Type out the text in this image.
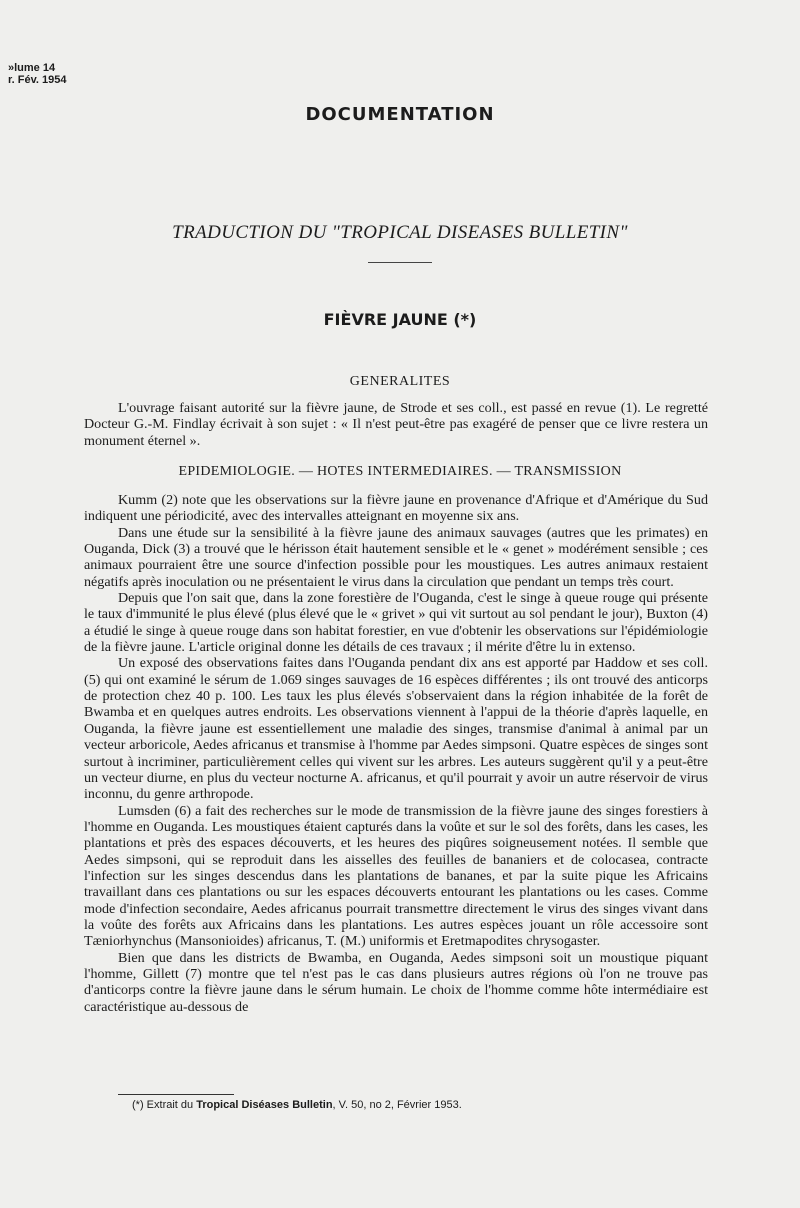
»lume 14
r. Fév. 1954
DOCUMENTATION
TRADUCTION DU "TROPICAL DISEASES BULLETIN"
FIÈVRE JAUNE (*)
GENERALITES
L'ouvrage faisant autorité sur la fièvre jaune, de Strode et ses coll., est passé en revue (1). Le regretté Docteur G.-M. Findlay écrivait à son sujet : « Il n'est peut-être pas exagéré de penser que ce livre restera un monument éternel ».
EPIDEMIOLOGIE. — HOTES INTERMEDIAIRES. — TRANSMISSION

Kumm (2) note que les observations sur la fièvre jaune en provenance d'Afrique et d'Amérique du Sud indiquent une périodicité, avec des intervalles atteignant en moyenne six ans.

Dans une étude sur la sensibilité à la fièvre jaune des animaux sauvages (autres que les primates) en Ouganda, Dick (3) a trouvé que le hérisson était hautement sensible et le « genet » modérément sensible ; ces animaux pourraient être une source d'infection possible pour les moustiques. Les autres animaux restaient négatifs après inoculation ou ne présentaient le virus dans la circulation que pendant un temps très court.

Depuis que l'on sait que, dans la zone forestière de l'Ouganda, c'est le singe à queue rouge qui présente le taux d'immunité le plus élevé (plus élevé que le « grivet » qui vit surtout au sol pendant le jour), Buxton (4) a étudié le singe à queue rouge dans son habitat forestier, en vue d'obtenir les observations sur l'épidémiologie de la fièvre jaune. L'article original donne les détails de ces travaux ; il mérite d'être lu in extenso.

Un exposé des observations faites dans l'Ouganda pendant dix ans est apporté par Haddow et ses coll. (5) qui ont examiné le sérum de 1.069 singes sauvages de 16 espèces différentes ; ils ont trouvé des anticorps de protection chez 40 p. 100. Les taux les plus élevés s'observaient dans la région inhabitée de la forêt de Bwamba et en quelques autres endroits. Les observations viennent à l'appui de la théorie d'après laquelle, en Ouganda, la fièvre jaune est essentiellement une maladie des singes, transmise d'animal à animal par un vecteur arboricole, Aedes africanus et transmise à l'homme par Aedes simpsoni. Quatre espèces de singes sont surtout à incriminer, particulièrement celles qui vivent sur les arbres. Les auteurs suggèrent qu'il y a peut-être un vecteur diurne, en plus du vecteur nocturne A. africanus, et qu'il pourrait y avoir un autre réservoir de virus inconnu, du genre arthropode.

Lumsden (6) a fait des recherches sur le mode de transmission de la fièvre jaune des singes forestiers à l'homme en Ouganda. Les moustiques étaient capturés dans la voûte et sur le sol des forêts, dans les cases, les plantations et près des espaces découverts, et les heures des piqûres soigneusement notées. Il semble que Aedes simpsoni, qui se reproduit dans les aisselles des feuilles de bananiers et de colocasea, contracte l'infection sur les singes descendus dans les plantations de bananes, et par la suite pique les Africains travaillant dans ces plantations ou sur les espaces découverts entourant les plantations ou les cases. Comme mode d'infection secondaire, Aedes africanus pourrait transmettre directement le virus des singes vivant dans la voûte des forêts aux Africains dans les plantations. Les autres espèces jouant un rôle accessoire sont Tæniorhynchus (Mansonioides) africanus, T. (M.) uniformis et Eretmapodites chrysogaster.

Bien que dans les districts de Bwamba, en Ouganda, Aedes simpsoni soit un moustique piquant l'homme, Gillett (7) montre que tel n'est pas le cas dans plusieurs autres régions où l'on ne trouve pas d'anticorps contre la fièvre jaune dans le sérum humain. Le choix de l'homme comme hôte intermédiaire est caractéristique au-dessous de

(*) Extrait du Tropical Diséases Bulletin, V. 50, no 2, Février 1953.
